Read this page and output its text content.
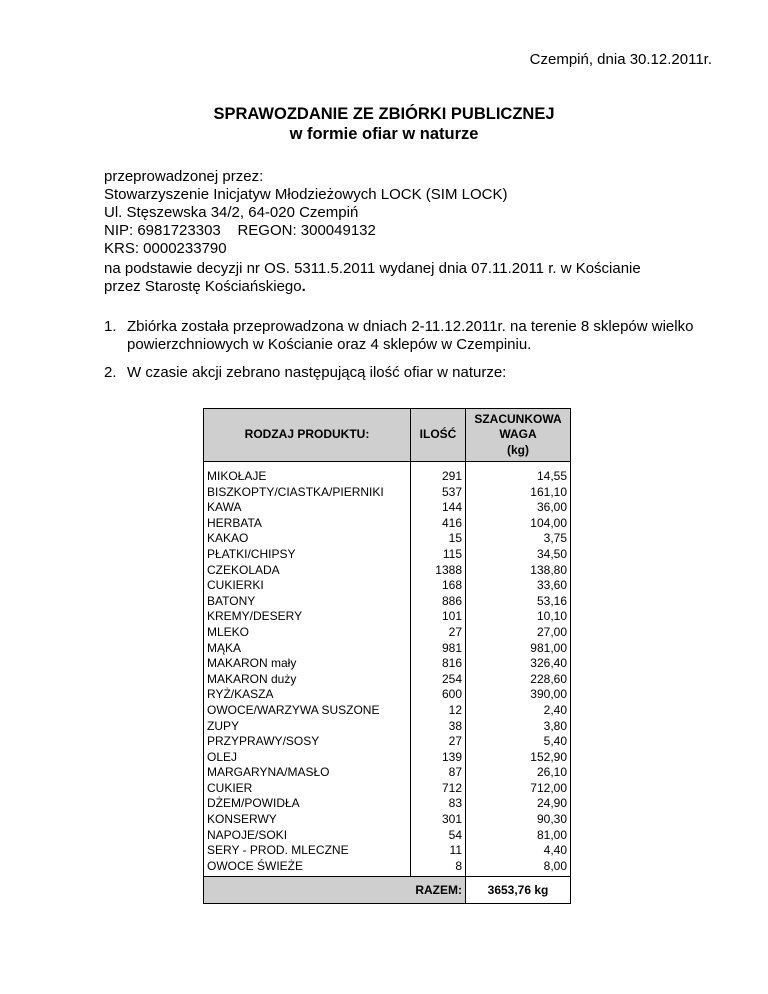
Czempiń, dnia 30.12.2011r.
SPRAWOZDANIE ZE ZBIÓRKI PUBLICZNEJ
w formie ofiar w naturze
przeprowadzonej przez:
Stowarzyszenie Inicjatyw Młodzieżowych LOCK (SIM LOCK)
Ul. Stęszewska 34/2, 64-020 Czempiń
NIP: 6981723303 REGON: 300049132
KRS: 0000233790
na podstawie decyzji nr OS. 5311.5.2011 wydanej dnia 07.11.2011 r. w Kościanie
przez Starostę Kościańskiego.
1. Zbiórka została przeprowadzona w dniach 2-11.12.2011r. na terenie 8 sklepów wielko powierzchniowych w Kościanie oraz 4 sklepów w Czempiniu.
2. W czasie akcji zebrano następującą ilość ofiar w naturze:
RODZAJ PRODUKTU:	ILOŚĆ	SZACUNKOWA
WAGA
(kg)

MIKOŁAJE	291	14,55
BISZKOPTY/CIASTKA/PIERNIKI	537	161,10
KAWA	144	36,00
HERBATA	416	104,00
KAKAO	15	3,75
PŁATKI/CHIPSY	115	34,50
CZEKOLADA	1388	138,80
CUKIERKI	168	33,60
BATONY	886	53,16
KREMY/DESERY	101	10,10
MLEKO	27	27,00
MĄKA	981	981,00
MAKARON mały	816	326,40
MAKARON duży	254	228,60
RYŻ/KASZA	600	390,00
OWOCE/WARZYWA SUSZONE	12	2,40
ZUPY	38	3,80
PRZYPRAWY/SOSY	27	5,40
OLEJ	139	152,90
MARGARYNA/MASŁO	87	26,10
CUKIER	712	712,00
DŻEM/POWIDŁA	83	24,90
KONSERWY	301	90,30
NAPOJE/SOKI	54	81,00
SERY - PROD. MLECZNE	11	4,40
OWOCE ŚWIEŻE	8	8,00
RAZEM:		3653,76 kg
